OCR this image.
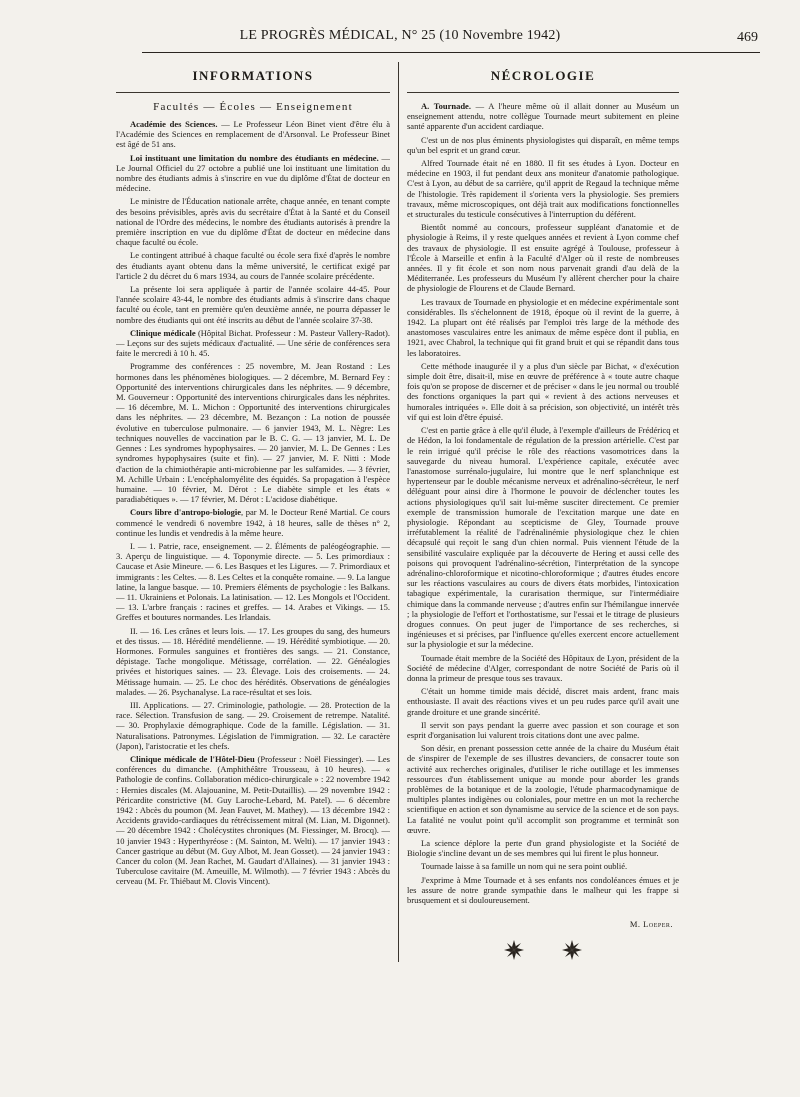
LE PROGRÈS MÉDICAL, N° 25 (10 Novembre 1942)	469
INFORMATIONS
Facultés — Écoles — Enseignement

Académie des Sciences. — Le Professeur Léon Binet vient d'être élu à l'Académie des Sciences en remplacement de d'Arsonval. Le Professeur Binet est âgé de 51 ans.

Loi instituant une limitation du nombre des étudiants en médecine. — Le Journal Officiel du 27 octobre a publié une loi instituant une limitation du nombre des étudiants admis à s'inscrire en vue du diplôme d'État de docteur en médecine.

Le ministre de l'Éducation nationale arrête, chaque année, en tenant compte des besoins prévisibles, après avis du secrétaire d'État à la Santé et du Conseil national de l'Ordre des médecins, le nombre des étudiants autorisés à prendre la première inscription en vue du diplôme d'État de docteur en médecine dans chaque faculté ou école.

Le contingent attribué à chaque faculté ou école sera fixé d'après le nombre des étudiants ayant obtenu dans la même université, le certificat exigé par l'article 2 du décret du 6 mars 1934, au cours de l'année scolaire précédente.

La présente loi sera appliquée à partir de l'année scolaire 44-45. Pour l'année scolaire 43-44, le nombre des étudiants admis à s'inscrire dans chaque faculté ou école, tant en première qu'en deuxième année, ne pourra dépasser le nombre des étudiants qui ont été inscrits au début de l'année scolaire 37-38.

Clinique médicale (Hôpital Bichat. Professeur : M. Pasteur Vallery-Radot). — Leçons sur des sujets médicaux d'actualité. — Une série de conférences sera faite le mercredi à 10 h. 45.

Programme des conférences : 25 novembre, M. Jean Rostand : Les hormones dans les phénomènes biologiques. — 2 décembre, M. Bernard Fey : Opportunité des interventions chirurgicales dans les néphrites. — 9 décembre, M. Gouverneur : Opportunité des interventions chirurgicales dans les néphrites. — 16 décembre, M. L. Michon : Opportunité des interventions chirurgicales dans les néphrites. — 23 décembre, M. Bezançon : La notion de poussée évolutive en tuberculose pulmonaire. — 6 janvier 1943, M. L. Nègre: Les techniques nouvelles de vaccination par le B. C. G. — 13 janvier, M. L. De Gennes : Les syndromes hypophysaires. — 20 janvier, M. L. De Gennes : Les syndromes hypophysaires (suite et fin). — 27 janvier, M. F. Nitti : Mode d'action de la chimiothérapie anti-microbienne par les sulfamides. — 3 février, M. Achille Urbain : L'encéphalomyélite des équidés. Sa propagation à l'espèce humaine. — 10 février, M. Dérot : Le diabète simple et les états « paradiabétiques ». — 17 février, M. Dérot : L'acidose diabétique.

Cours libre d'antropo-biologie, par M. le Docteur René Martial. Ce cours commencé le vendredi 6 novembre 1942, à 18 heures, salle de thèses n° 2, continue les lundis et vendredis à la même heure.

I. — 1. Patrie, race, enseignement. — 2. Éléments de paléogéographie. — 3. Aperçu de linguistique. — 4. Toponymie directe. — 5. Les primordiaux : Caucase et Asie Mineure. — 6. Les Basques et les Ligures. — 7. Primordiaux et immigrants : les Celtes. — 8. Les Celtes et la conquête romaine. — 9. La langue latine, la langue basque. — 10. Premiers éléments de psychologie : les Balkans. — 11. Ukrainiens et Polonais. La latinisation. — 12. Les Mongols et l'Occident. — 13. L'arbre français : racines et greffes. — 14. Arabes et Vikings. — 15. Greffes et boutures normandes. Les Irlandais.

II. — 16. Les crânes et leurs lois. — 17. Les groupes du sang, des humeurs et des tissus. — 18. Hérédité mendélienne. — 19. Hérédité symbiotique. — 20. Hormones. Formules sanguines et frontières des sangs. — 21. Constance, dépistage. Tache mongolique. Métissage, corrélation. — 22. Généalogies privées et historiques saines. — 23. Élevage. Lois des croisements. — 24. Métissage humain. — 25. Le choc des hérédités. Observations de généalogies malades. — 26. Psychanalyse. La race-résultat et ses lois.

III. Applications. — 27. Criminologie, pathologie. — 28. Protection de la race. Sélection. Transfusion de sang. — 29. Croisement de retrempe. Natalité. — 30. Prophylaxie démographique. Code de la famille. Législation. — 31. Naturalisations. Patronymes. Législation de l'immigration. — 32. Le caractère (Japon), l'aristocratie et les chefs.

Clinique médicale de l'Hôtel-Dieu (Professeur : Noël Fiessinger). — Les conférences du dimanche. (Amphithéâtre Trousseau, à 10 heures). — « Pathologie de confins. Collaboration médico-chirurgicale » : 22 novembre 1942 : Hernies discales (M. Alajouanine, M. Petit-Dutaillis). — 29 novembre 1942 : Péricardite constrictive (M. Guy Laroche-Lebard, M. Patel). — 6 décembre 1942 : Abcès du poumon (M. Jean Fauvet, M. Mathey). — 13 décembre 1942 : Accidents gravido-cardiaques du rétrécissement mitral (M. Lian, M. Digonnet). — 20 décembre 1942 : Cholécystites chroniques (M. Fiessinger, M. Brocq). — 10 janvier 1943 : Hyperthyréose : (M. Sainton, M. Welti). — 17 janvier 1943 : Cancer gastrique au début (M. Guy Albot, M. Jean Gosset). — 24 janvier 1943 : Cancer du colon (M. Jean Rachet, M. Gaudart d'Allaines). — 31 janvier 1943 : Tuberculose cavitaire (M. Ameuille, M. Wilmoth). — 7 février 1943 : Abcès du cerveau (M. Fr. Thiébaut M. Clovis Vincent).

NÉCROLOGIE

A. Tournade. — A l'heure même où il allait donner au Muséum un enseignement attendu, notre collègue Tournade meurt subitement en pleine santé apparente d'un accident cardiaque.

C'est un de nos plus éminents physiologistes qui disparaît, en même temps qu'un bel esprit et un grand cœur.

Alfred Tournade était né en 1880. Il fit ses études à Lyon. Docteur en médecine en 1903, il fut pendant deux ans moniteur d'anatomie pathologique. C'est à Lyon, au début de sa carrière, qu'il apprit de Regaud la technique même de l'histologie. Très rapidement il s'orienta vers la physiologie. Ses premiers travaux, même microscopiques, ont déjà trait aux modifications fonctionnelles et structurales du testicule consécutives à l'interruption du déférent.

Bientôt nommé au concours, professeur suppléant d'anatomie et de physiologie à Reims, il y reste quelques années et revient à Lyon comme chef des travaux de physiologie. Il est ensuite agrégé à Toulouse, professeur à l'École à Marseille et enfin à la Faculté d'Alger où il reste de nombreuses années. Il y fit école et son nom nous parvenait grandi d'au delà de la Méditerranée. Les professeurs du Muséum l'y allèrent chercher pour la chaire de physiologie de Flourens et de Claude Bernard.

Les travaux de Tournade en physiologie et en médecine expérimentale sont considérables. Ils s'échelonnent de 1918, époque où il revint de la guerre, à 1942. La plupart ont été réalisés par l'emploi très large de la méthode des anastomoses vasculaires entre les animaux de même espèce dont il publia, en 1921, avec Chabrol, la technique qui fit grand bruit et qui se répandit dans tous les laboratoires.

Cette méthode inaugurée il y a plus d'un siècle par Bichat, « d'exécution simple doit être, disait-il, mise en œuvre de préférence à « toute autre chaque fois qu'on se propose de discerner et de préciser « dans le jeu normal ou troublé des fonctions organiques la part qui « revient à des actions nerveuses et humorales intriquées ». Elle doit à sa précision, son objectivité, un intérêt très vif qui est loin d'être épuisé.

C'est en partie grâce à elle qu'il élude, à l'exemple d'ailleurs de Frédéricq et de Hédon, la loi fondamentale de régulation de la pression artérielle. C'est par le rein irrigué qu'il précise le rôle des réactions vasomotrices dans la sauvegarde du niveau humoral. L'expérience capitale, exécutée avec l'anastomose surrénalo-jugulaire, lui montre que le nerf splanchnique est hypertenseur par le double mécanisme nerveux et adrénalino-sécréteur, le nerf déléguant pour ainsi dire à l'hormone le pouvoir de déclencher toutes les actions physiologiques qu'il sait lui-même susciter directement. Ce premier exemple de transmission humorale de l'excitation marque une date en physiologie. Répondant au scepticisme de Gley, Tournade prouve irréfutablement la réalité de l'adrénalinémie physiologique chez le chien décapsulé qui reçoit le sang d'un chien normal. Puis viennent l'étude de la sensibilité vasculaire expliquée par la découverte de Hering et aussi celle des poisons qui provoquent l'adrénalino-sécrétion, l'interprétation de la syncope adrénalino-chloroformique et nicotino-chloroformique ; d'autres études encore sur les réactions vasculaires au cours de divers états morbides, l'intoxication tabagique expérimentale, la curarisation thermique, sur l'intermédiaire chimique dans la commande nerveuse ; d'autres enfin sur l'hémilangue innervée ; la physiologie de l'effort et l'orthostatisme, sur l'essai et le titrage de plusieurs drogues connues. On peut juger de l'importance de ses recherches, si ingénieuses et si précises, par l'influence qu'elles exercent encore actuellement sur la physiologie et sur la médecine.

Tournade était membre de la Société des Hôpitaux de Lyon, président de la Société de médecine d'Alger, correspondant de notre Société de Paris où il donna la primeur de presque tous ses travaux.

C'était un homme timide mais décidé, discret mais ardent, franc mais enthousiaste. Il avait des réactions vives et un peu rudes parce qu'il avait une grande droiture et une grande sincérité.

Il servit son pays pendant la guerre avec passion et son courage et son esprit d'organisation lui valurent trois citations dont une avec palme.

Son désir, en prenant possession cette année de la chaire du Muséum était de s'inspirer de l'exemple de ses illustres devanciers, de consacrer toute son activité aux recherches originales, d'utiliser le riche outillage et les immenses ressources d'un établissement unique au monde pour aborder les grands problèmes de la botanique et de la zoologie, l'étude pharmacodynamique de multiples plantes indigènes ou coloniales, pour mettre en un mot la recherche scientifique en action et son dynamisme au service de la science et de son pays. La fatalité ne voulut point qu'il accomplit son programme et terminât son œuvre.

La science déplore la perte d'un grand physiologiste et la Société de Biologie s'incline devant un de ses membres qui lui firent le plus honneur.

Tournade laisse à sa famille un nom qui ne sera point oublié.

J'exprime à Mme Tournade et à ses enfants nos condoléances émues et je les assure de notre grande sympathie dans le malheur qui les frappe si brusquement et si douloureusement.

M. Loeper.
